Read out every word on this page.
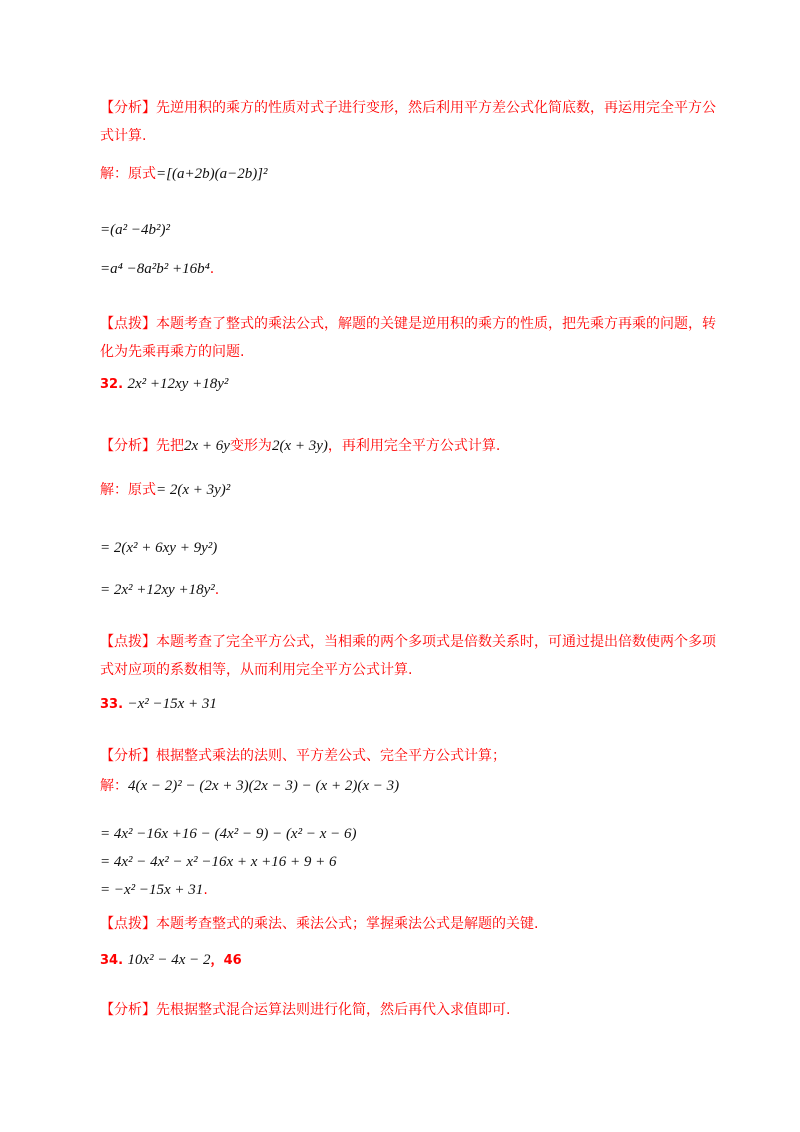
【分析】先逆用积的乘方的性质对式子进行变形，然后利用平方差公式化简底数，再运用完全平方公
式计算.
解：原式=[(a+2b)(a−2b)]²
=(a² −4b²)²
=a⁴ −8a²b² +16b⁴.
【点拨】本题考查了整式的乘法公式，解题的关键是逆用积的乘方的性质，把先乘方再乘的问题，转
化为先乘再乘方的问题.
32. 2x² +12xy +18y²
【分析】先把2x + 6y变形为2(x + 3y)，再利用完全平方公式计算.
解：原式= 2(x + 3y)²
= 2(x² + 6xy + 9y²)
= 2x² +12xy +18y².
【点拨】本题考查了完全平方公式，当相乘的两个多项式是倍数关系时，可通过提出倍数使两个多项
式对应项的系数相等，从而利用完全平方公式计算.
33. −x² −15x + 31
【分析】根据整式乘法的法则、平方差公式、完全平方公式计算；
解：4(x − 2)² − (2x + 3)(2x − 3) − (x + 2)(x − 3)
= 4x² −16x +16 − (4x² − 9) − (x² − x − 6)
= 4x² − 4x² − x² −16x + x +16 + 9 + 6
= −x² −15x + 31.
【点拨】本题考查整式的乘法、乘法公式；掌握乘法公式是解题的关键.
34. 10x² − 4x − 2，46
【分析】先根据整式混合运算法则进行化简，然后再代入求值即可.
